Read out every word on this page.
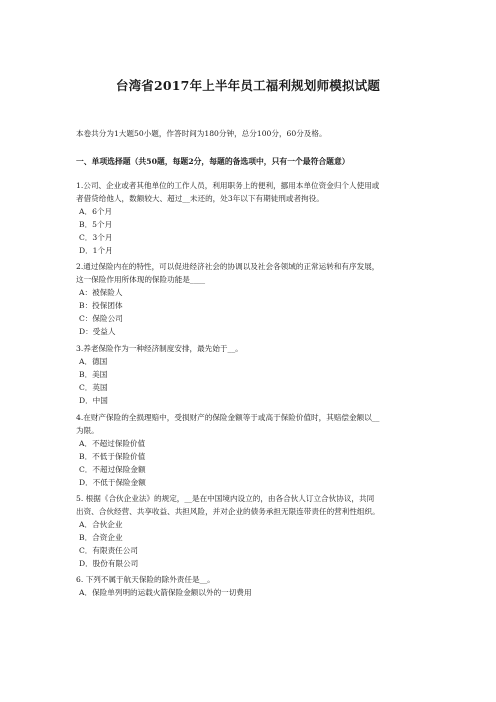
台湾省2017年上半年员工福利规划师模拟试题
本卷共分为1大题50小题，作答时间为180分钟，总分100分，60分及格。
一、单项选择题（共50题，每题2分，每题的备选项中，只有一个最符合题意）

1.公司、企业或者其他单位的工作人员，利用职务上的便利，挪用本单位资金归个人使用或

者借贷给他人，数额较大、超过__未还的，处3年以下有期徒刑或者拘役。

A．6个月

B．5个月

C．3个月

D．1个月

2.通过保险内在的特性，可以促进经济社会的协调以及社会各领域的正常运转和有序发展，

这一保险作用所体现的保险功能是____

A：被保险人

B：投保团体

C：保险公司

D：受益人

3.养老保险作为一种经济制度安排，最先始于__。

A．德国

B．美国

C．英国

D．中国

4.在财产保险的全损理赔中，受损财产的保险金额等于或高于保险价值时，其赔偿金额以__

为限。

A．不超过保险价值

B．不低于保险价值

C．不超过保险金额

D．不低于保险金额

5. 根据《合伙企业法》的规定，__是在中国境内设立的，由各合伙人订立合伙协议，共同

出资、合伙经营、共享收益、共担风险，并对企业的债务承担无限连带责任的营利性组织。

A．合伙企业

B．合资企业

C．有限责任公司

D．股份有限公司

6. 下列不属于航天保险的除外责任是__。

A．保险单列明的运载火箭保险金额以外的一切费用
